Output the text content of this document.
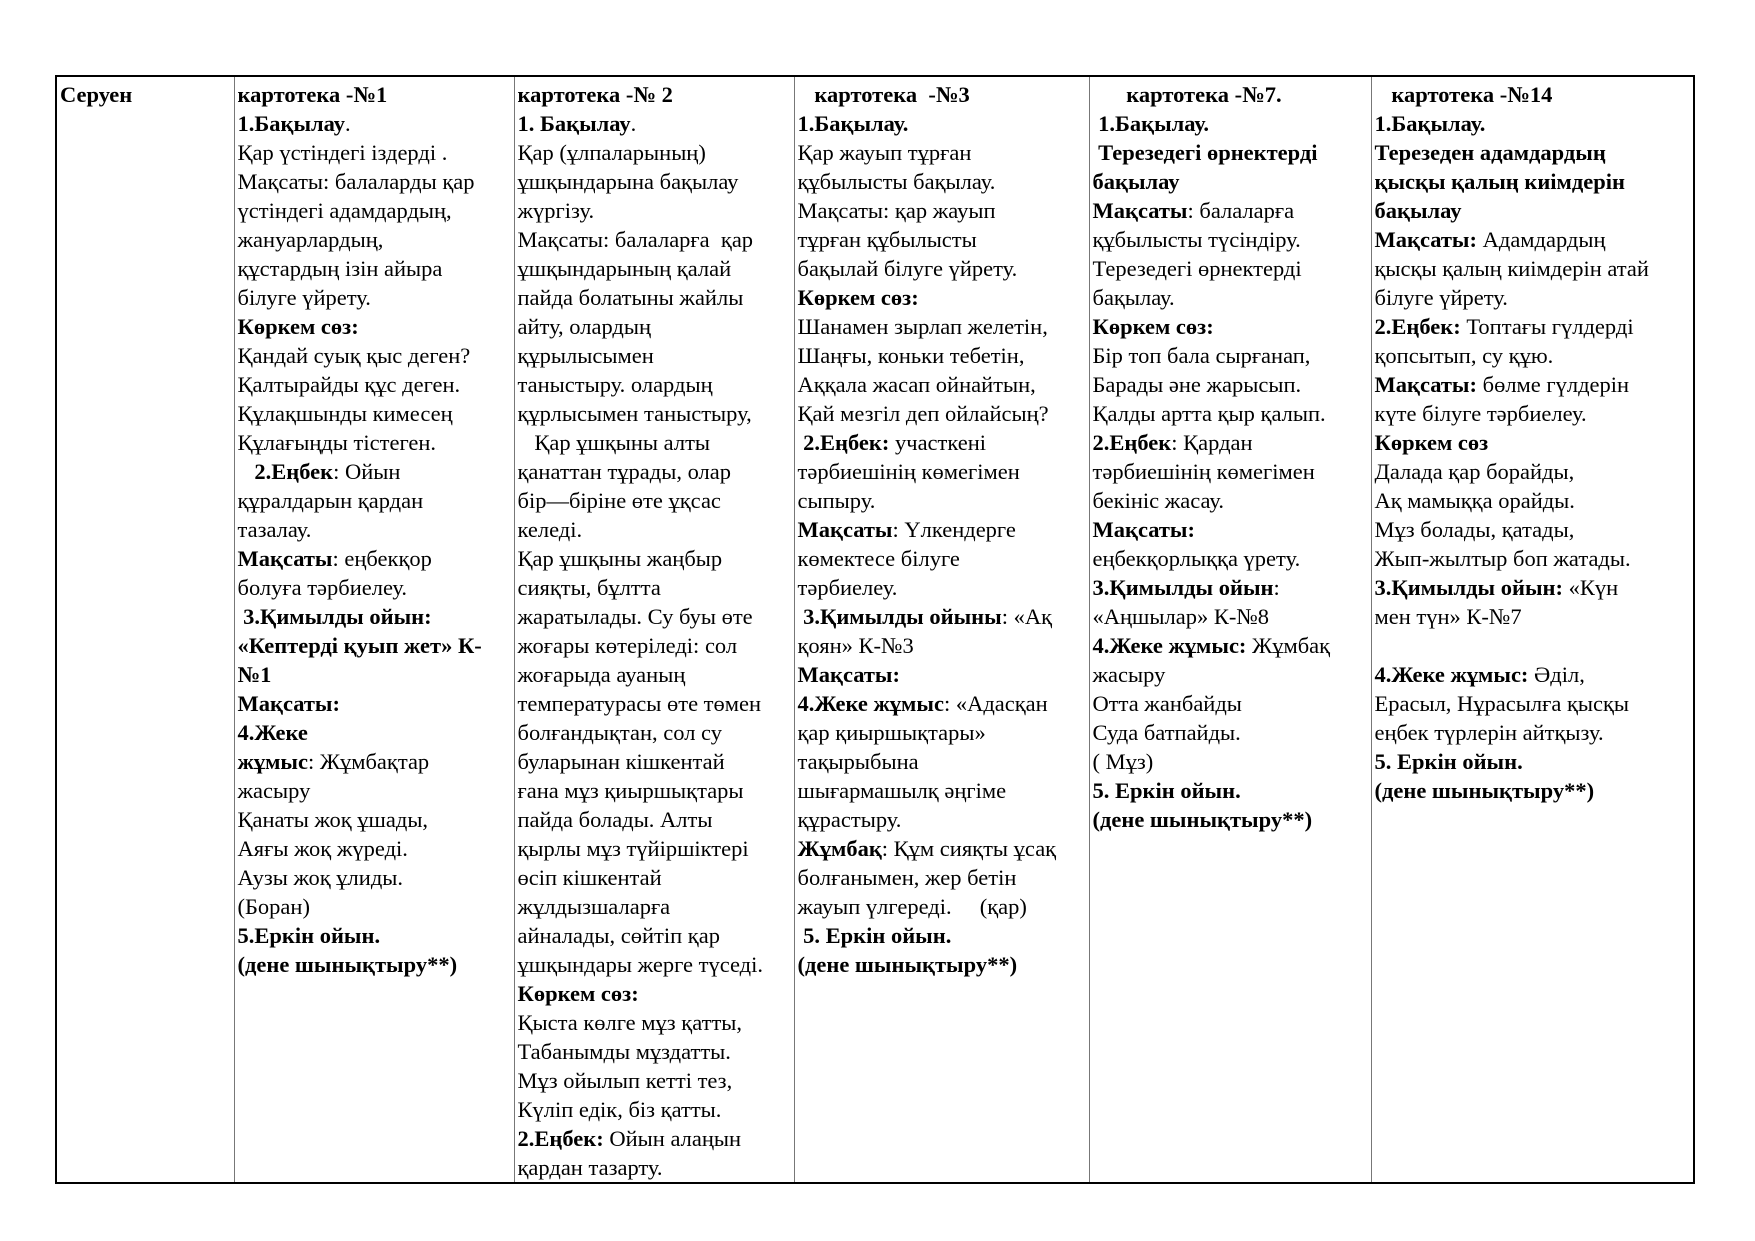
Серуен	картотека -№1
1.Бақылау.
Қар үстіндегі іздерді .
Мақсаты: балаларды қар
үстіндегі адамдардың,
жануарлардың,
құстардың ізін айыра
білуге үйрету.
Көркем сөз:
Қандай суық қыс деген?
Қалтырайды құс деген.
Құлақшынды кимесең
Құлағыңды тістеген.
2.Еңбек: Ойын
құралдарын қардан
тазалау.
Мақсаты: еңбекқор
болуға тәрбиелеу.
3.Қимылды ойын:
«Кептерді қуып жет» К-
№1
Мақсаты:
4.Жеке
жұмыс: Жұмбақтар
жасыру
Қанаты жоқ ұшады,
Аяғы жоқ жүреді.
Аузы жоқ ұлиды.
(Боран)
5.Еркін ойын.
(дене шынықтыру**)

картотека -№ 2
1. Бақылау.
Қар (ұлпаларының)
ұшқындарына бақылау
жүргізу.
Мақсаты: балаларға  қар
ұшқындарының қалай
пайда болатыны жайлы
айту, олардың
құрылысымен
таныстыру. олардың
құрлысымен таныстыру,
Қар ұшқыны алты
қанаттан тұрады, олар
бір—біріне өте ұқсас
келеді.
Қар ұшқыны жаңбыр
сияқты, бұлтта
жаратылады. Су буы өте
жоғары көтеріледі: сол
жоғарыда ауаның
температурасы өте төмен
болғандықтан, сол су
буларынан кішкентай
ғана мұз қиыршықтары
пайда болады. Алты
қырлы мұз түйіршіктері
өсіп кішкентай
жұлдызшаларға
айналады, сөйтіп қар
ұшқындары жерге түседі.
Көркем сөз:
Қыста көлге мұз қатты,
Табанымды мұздатты.
Мұз ойылып кетті тез,
Күліп едік, біз қатты.
2.Еңбек: Ойын алаңын
қардан тазарту.

картотека  -№3
1.Бақылау.
Қар жауып тұрған
құбылысты бақылау.
Мақсаты: қар жауып
тұрған құбылысты
бақылай білуге үйрету.
Көркем сөз:
Шанамен зырлап желетін,
Шаңғы, коньки тебетін,
Аққала жасап ойнайтын,
Қай мезгіл деп ойлайсың?
2.Еңбек: участкені
тәрбиешінің көмегімен
сыпыру.
Мақсаты: Үлкендерге
көмектесе білуге
тәрбиелеу.
3.Қимылды ойыны: «Ақ
қоян» К-№3
Мақсаты:
4.Жеке жұмыс: «Адасқан
қар қиыршықтары»
тақырыбына
шығармашылқ әңгіме
құрастыру.
Жұмбақ: Құм сияқты ұсақ
болғанымен, жер бетін
жауып үлгереді.     (қар)
5. Еркін ойын.
(дене шынықтыру**)

картотека -№7.
1.Бақылау.
Терезедегі өрнектерді
бақылау
Мақсаты: балаларға
құбылысты түсіндіру.
Терезедегі өрнектерді
бақылау.
Көркем сөз:
Бір топ бала сырғанап,
Барады әне жарысып.
Қалды артта қыр қалып.
2.Еңбек: Қардан
тәрбиешінің көмегімен
бекініс жасау.
Мақсаты:
еңбекқорлыққа үрету.
3.Қимылды ойын:
«Аңшылар» К-№8
4.Жеке жұмыс: Жұмбақ
жасыру
Отта жанбайды
Суда батпайды.
( Мұз)
5. Еркін ойын.
(дене шынықтыру**)

картотека -№14
1.Бақылау.
Терезеден адамдардың
қысқы қалың киімдерін
бақылау
Мақсаты: Адамдардың
қысқы қалың киімдерін атай
білуге үйрету.
2.Еңбек: Топтағы гүлдерді
қопсытып, су құю.
Мақсаты: бөлме гүлдерін
күте білуге тәрбиелеу.
Көркем сөз
Далада қар борайды,
Ақ мамыққа орайды.
Мұз болады, қатады,
Жып-жылтыр боп жатады.
3.Қимылды ойын: «Күн
мен түн» К-№7

4.Жеке жұмыс: Әділ,
Ерасыл, Нұрасылға қысқы
еңбек түрлерін айтқызу.
5. Еркін ойын.
(дене шынықтыру**)
